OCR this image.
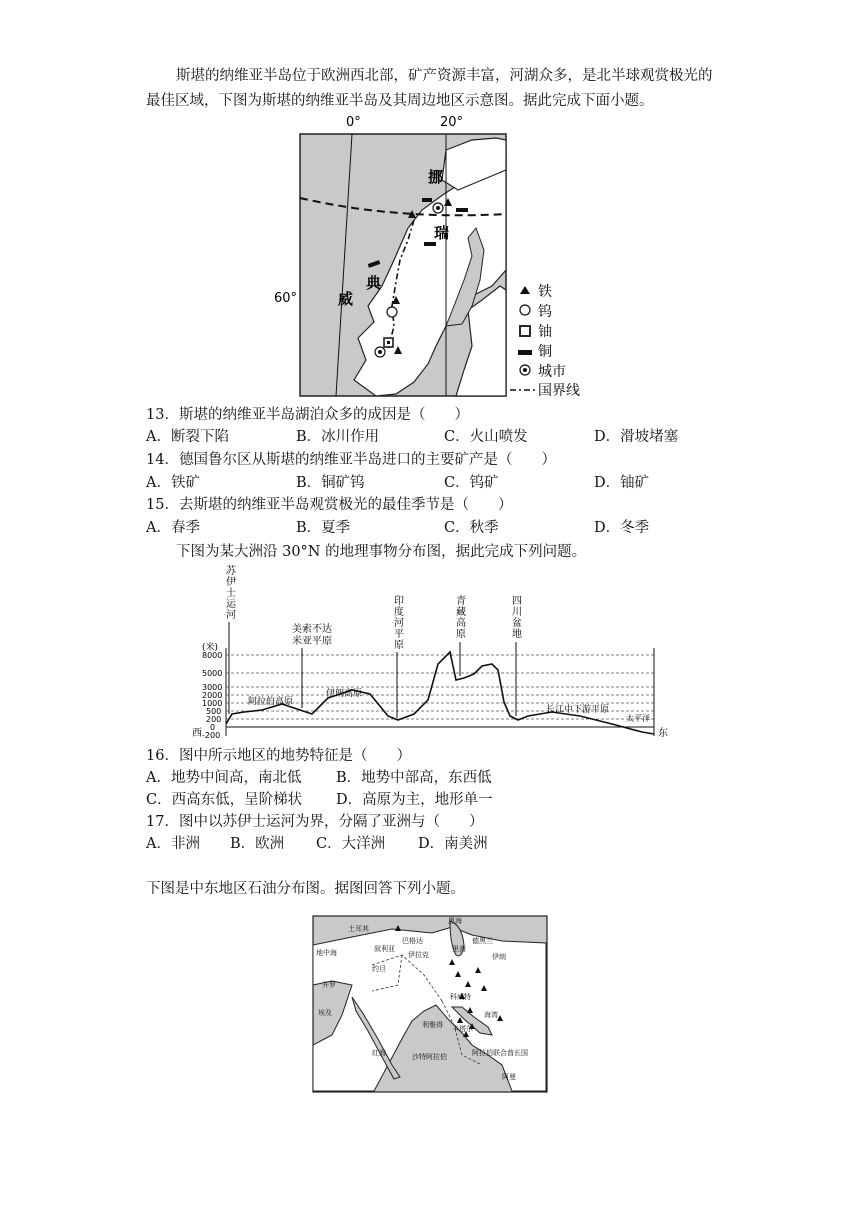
斯堪的纳维亚半岛位于欧洲西北部，矿产资源丰富，河湖众多，是北半球观赏极光的最佳区域，下图为斯堪的纳维亚半岛及其周边地区示意图。据此完成下面小题。
0°	20°
60°
挪
瑞
威
典	铁
钨
铀
铜
城市
国界线
13．斯堪的纳维亚半岛湖泊众多的成因是（　　）
A．断裂下陷	B．冰川作用	C．火山喷发	D．滑坡堵塞
14．德国鲁尔区从斯堪的纳维亚半岛进口的主要矿产是（　　）
A．铁矿	B．铜矿钨	C．钨矿	D．铀矿
15．去斯堪的纳维亚半岛观赏极光的最佳季节是（　　）
A．春季	B．夏季	C．秋季	D．冬季
下图为某大洲沿 30°N 的地理事物分布图，据此完成下列问题。
苏伊士运河
美索不达米亚平原
印度河平原
青藏高原
四川盆地
(米)
8000
5000
3000
2000
1000
500
200
0
-200
阿拉伯高原
伊朗高原
长江中下游平原
太平洋
西	东
16．图中所示地区的地势特征是（　　）
A．地势中间高，南北低 B．地势中部高，东西低
C．西高东低，呈阶梯状 D．高原为主，地形单一
17．图中以苏伊士运河为界，分隔了亚洲与（　　）
A．非洲 B．欧洲 C．大洋洲 D．南美洲
下图是中东地区石油分布图。据图回答下列小题。
土耳其
黑海
里海
德黑兰
叙利亚
巴格达
伊拉克
地中海	伊朗
开罗
约旦
埃及
科威特
利雅得 卡塔尔
阿拉伯联合酋长国
沙特阿拉伯
红海
阿曼
海湾
